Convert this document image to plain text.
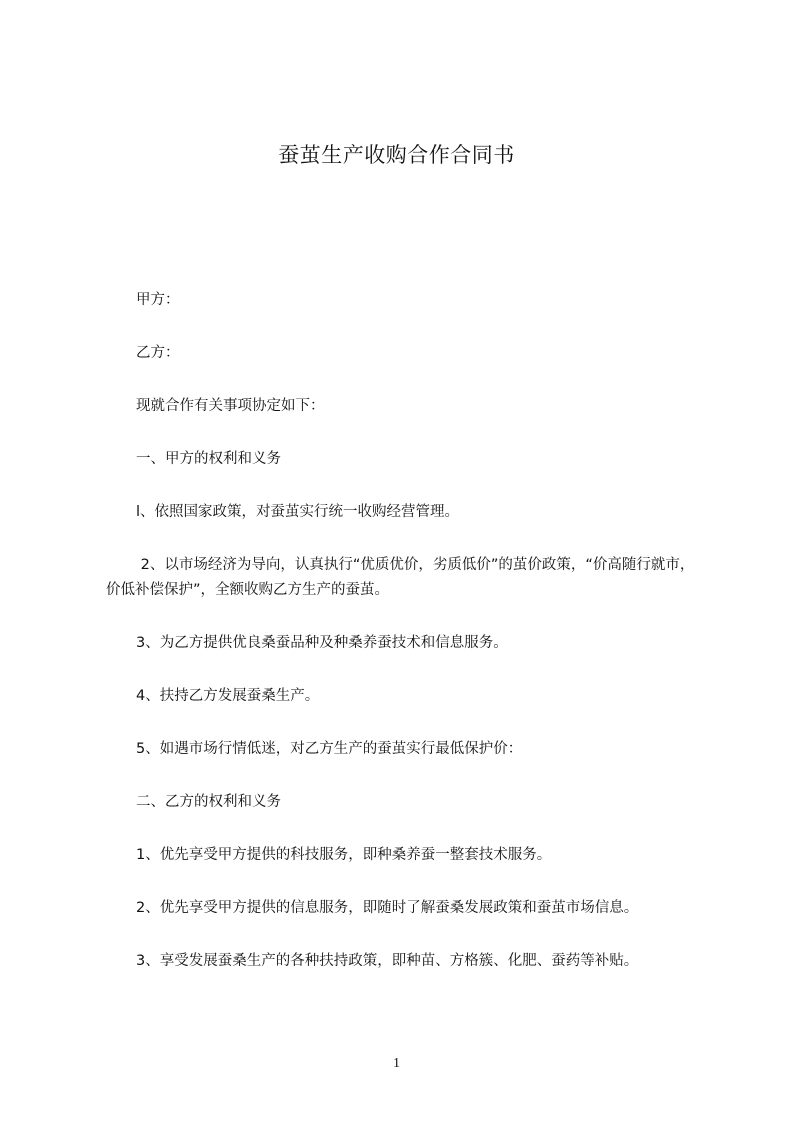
蚕茧生产收购合作合同书

甲方：

乙方：

现就合作有关事项协定如下：

一、甲方的权利和义务

l、依照国家政策，对蚕茧实行统一收购经营管理。

2、以市场经济为导向，认真执行“优质优价，劣质低价”的茧价政策，“价高随行就市，价低补偿保护”，全额收购乙方生产的蚕茧。

3、为乙方提供优良桑蚕品种及种桑养蚕技术和信息服务。

4、扶持乙方发展蚕桑生产。

5、如遇市场行情低迷，对乙方生产的蚕茧实行最低保护价：

二、乙方的权利和义务

1、优先享受甲方提供的科技服务，即种桑养蚕一整套技术服务。

2、优先享受甲方提供的信息服务，即随时了解蚕桑发展政策和蚕茧市场信息。

3、享受发展蚕桑生产的各种扶持政策，即种苗、方格簇、化肥、蚕药等补贴。

1
